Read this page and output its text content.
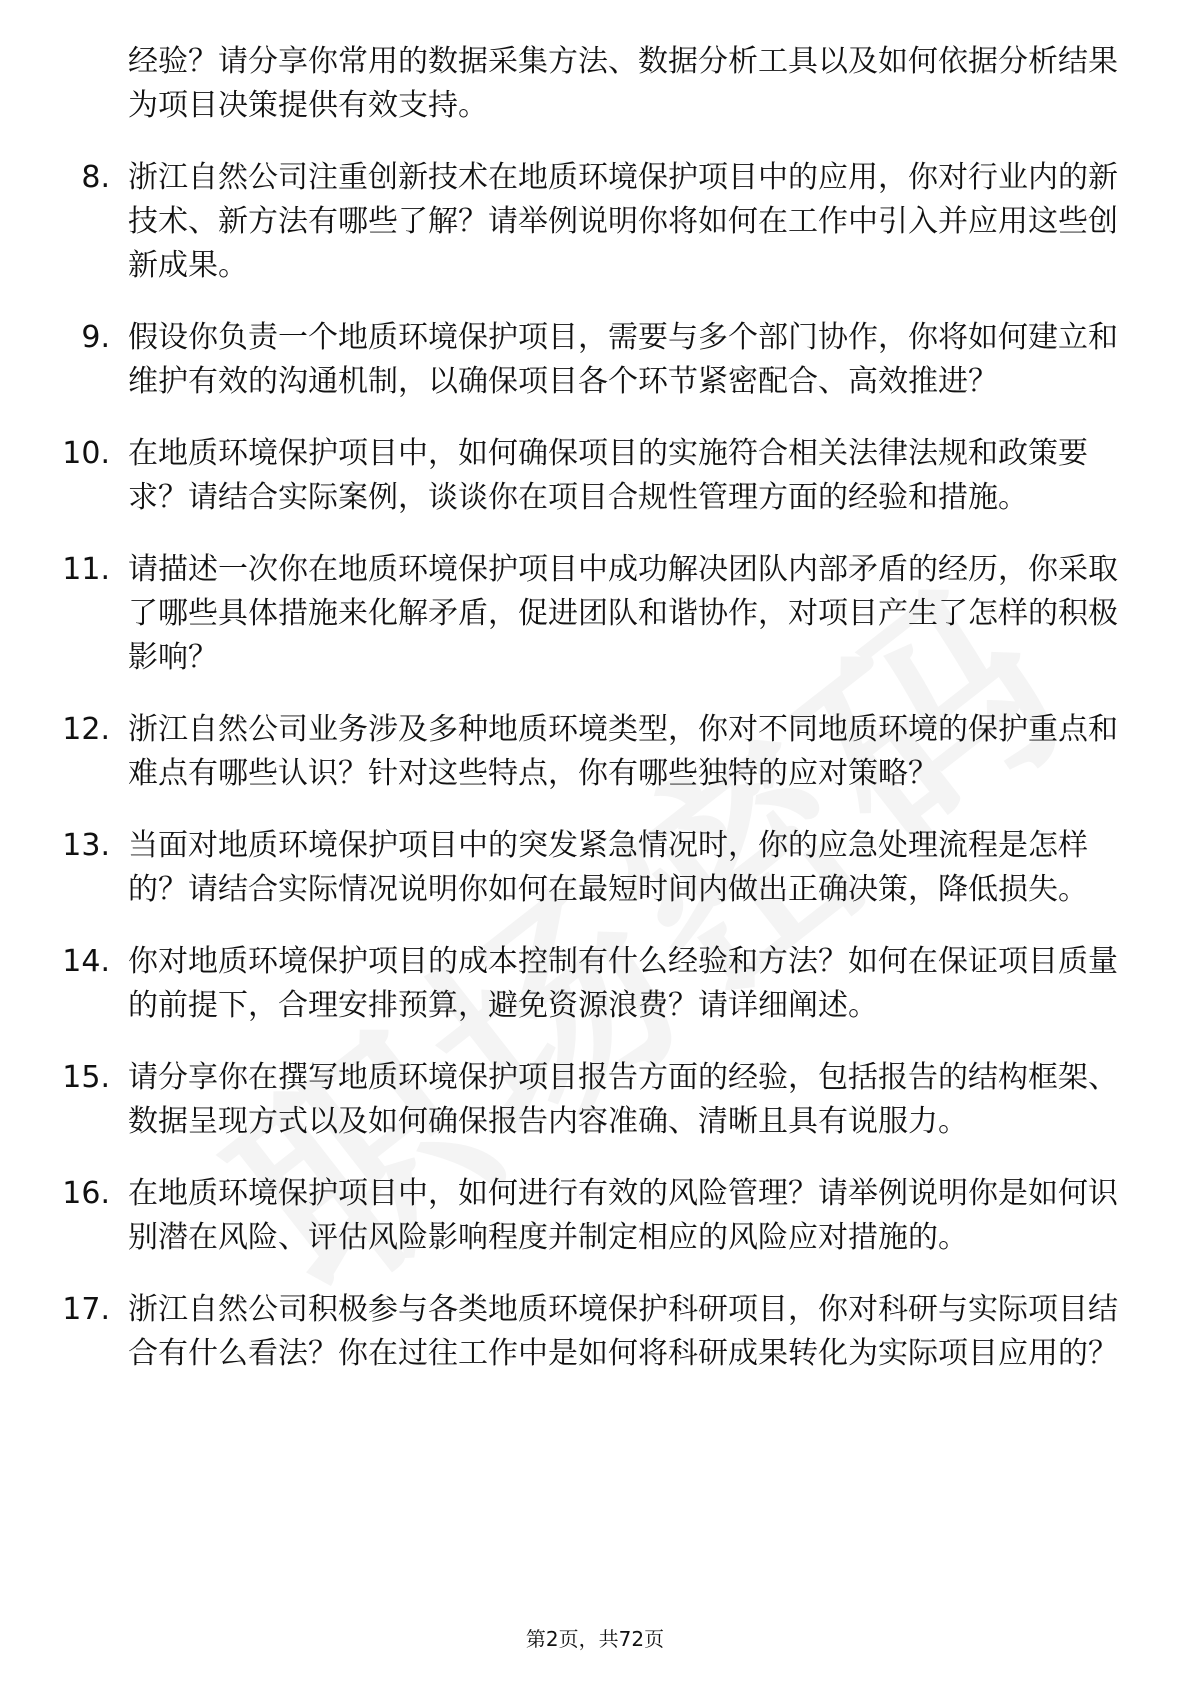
经验？请分享你常用的数据采集方法、数据分析工具以及如何依据分析结果为项目决策提供有效支持。
8. 浙江自然公司注重创新技术在地质环境保护项目中的应用，你对行业内的新技术、新方法有哪些了解？请举例说明你将如何在工作中引入并应用这些创新成果。
9. 假设你负责一个地质环境保护项目，需要与多个部门协作，你将如何建立和维护有效的沟通机制，以确保项目各个环节紧密配合、高效推进？
10. 在地质环境保护项目中，如何确保项目的实施符合相关法律法规和政策要求？请结合实际案例，谈谈你在项目合规性管理方面的经验和措施。
11. 请描述一次你在地质环境保护项目中成功解决团队内部矛盾的经历，你采取了哪些具体措施来化解矛盾，促进团队和谐协作，对项目产生了怎样的积极影响？
12. 浙江自然公司业务涉及多种地质环境类型，你对不同地质环境的保护重点和难点有哪些认识？针对这些特点，你有哪些独特的应对策略？
13. 当面对地质环境保护项目中的突发紧急情况时，你的应急处理流程是怎样的？请结合实际情况说明你如何在最短时间内做出正确决策，降低损失。
14. 你对地质环境保护项目的成本控制有什么经验和方法？如何在保证项目质量的前提下，合理安排预算，避免资源浪费？请详细阐述。
15. 请分享你在撰写地质环境保护项目报告方面的经验，包括报告的结构框架、数据呈现方式以及如何确保报告内容准确、清晰且具有说服力。
16. 在地质环境保护项目中，如何进行有效的风险管理？请举例说明你是如何识别潜在风险、评估风险影响程度并制定相应的风险应对措施的。
17. 浙江自然公司积极参与各类地质环境保护科研项目，你对科研与实际项目结合有什么看法？你在过往工作中是如何将科研成果转化为实际项目应用的？
第2页，共72页
